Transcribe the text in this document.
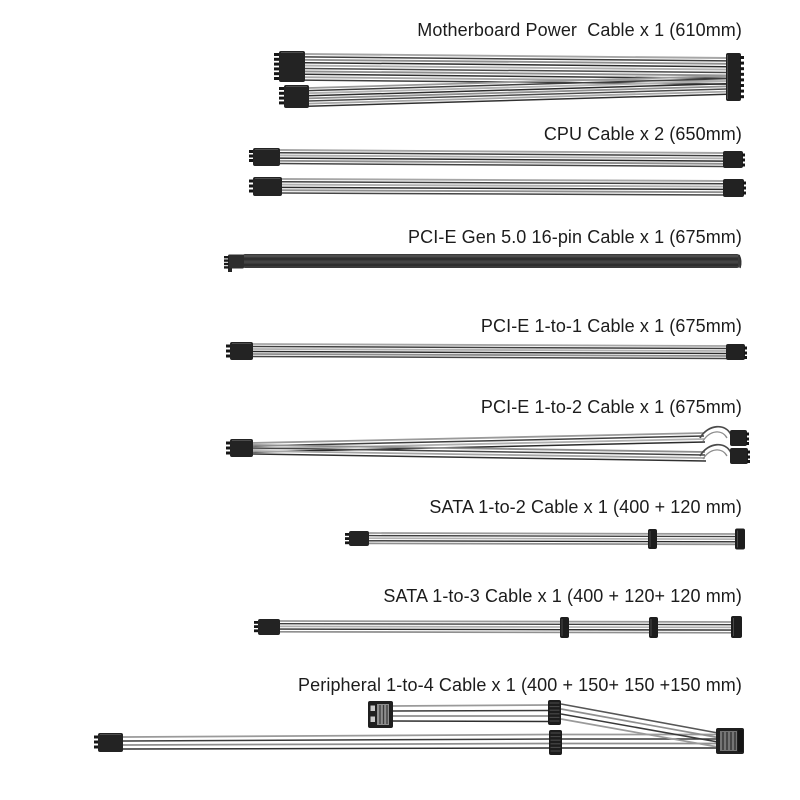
Motherboard Power  Cable x 1 (610mm)
CPU Cable x 2 (650mm)
PCI-E Gen 5.0 16-pin Cable x 1 (675mm)
PCI-E 1-to-1 Cable x 1 (675mm)
PCI-E 1-to-2 Cable x 1 (675mm)
SATA 1-to-2 Cable x 1 (400 + 120 mm)
SATA 1-to-3 Cable x 1 (400 + 120+ 120 mm)
Peripheral 1-to-4 Cable x 1 (400 + 150+ 150 +150 mm)
